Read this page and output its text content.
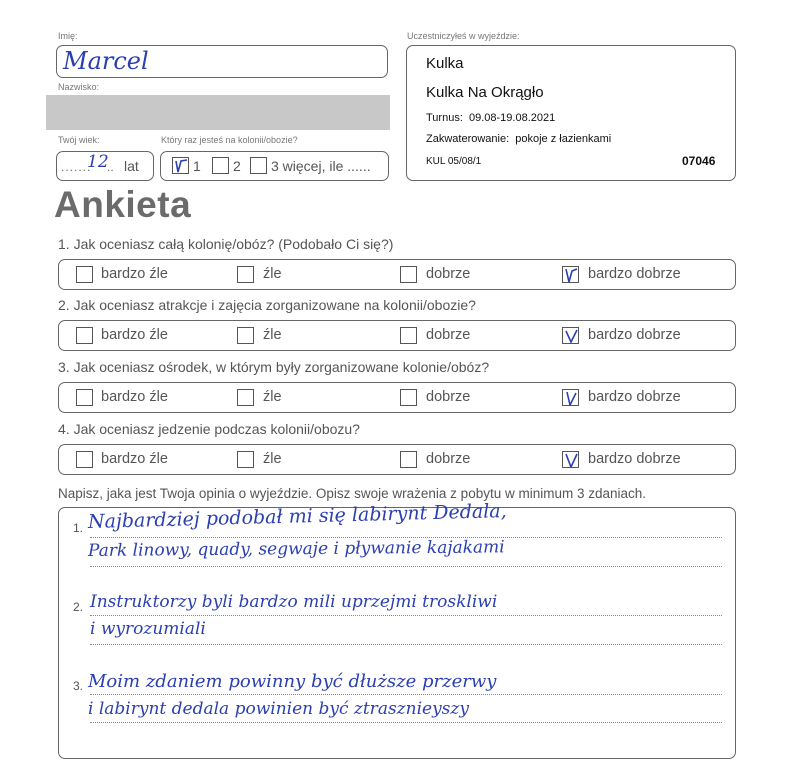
Imię:
Marcel
Nazwisko:
Twój wiek:
.......
12
.. lat
Który raz jesteś na kolonii/obozie?
1 2 3 więcej, ile ......
Uczestniczyłeś w wyjeździe:
Kulka
Kulka Na Okrągło
Turnus:  09.08-19.08.2021
Zakwaterowanie:  pokoje z łazienkami
KUL 05/08/1	07046
Ankieta
1. Jak oceniasz całą kolonię/obóz? (Podobało Ci się?)
bardzo źle	źle	dobrze	bardzo dobrze
2. Jak oceniasz atrakcje i zajęcia zorganizowane na kolonii/obozie?
bardzo źle	źle	dobrze	bardzo dobrze
3. Jak oceniasz ośrodek, w którym były zorganizowane kolonie/obóz?
bardzo źle	źle	dobrze	bardzo dobrze
4. Jak oceniasz jedzenie podczas kolonii/obozu?
bardzo źle	źle	dobrze	bardzo dobrze
Napisz, jaka jest Twoja opinia o wyjeździe. Opisz swoje wrażenia z pobytu w minimum 3 zdaniach.
1.
2.
3.
Najbardziej podobał mi się labirynt Dedala,
Park linowy, quady, segwaje i pływanie kajakami
Instruktorzy byli bardzo mili uprzejmi troskliwi
i wyrozumiali
Moim zdaniem powinny być dłuższe przerwy
i labirynt dedala powinien być ztrasznieyszy
